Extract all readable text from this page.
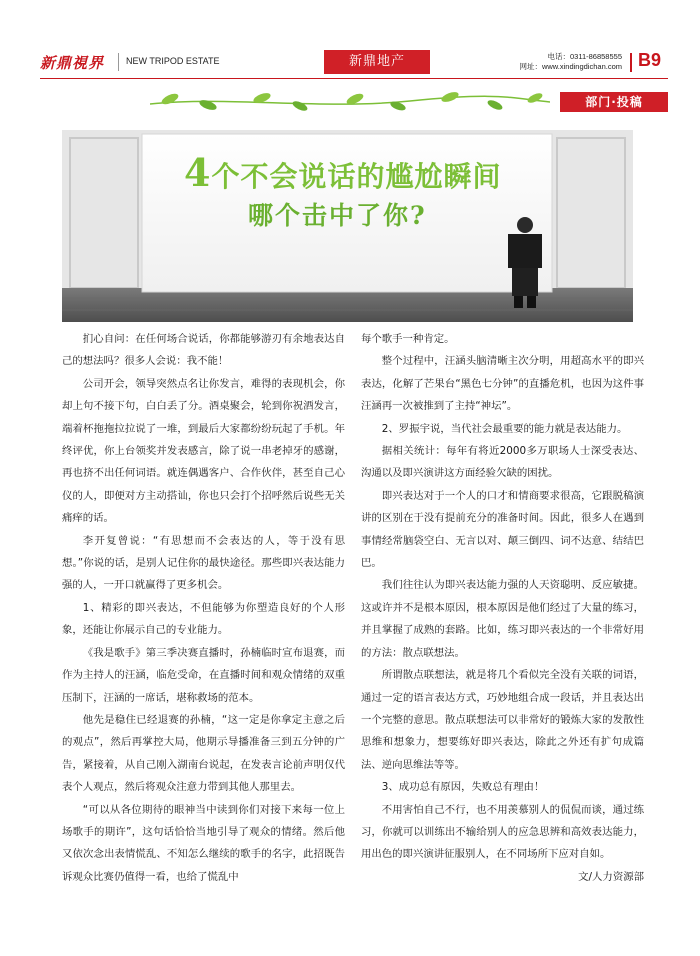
新鼎視界 NEW TRIPOD ESTATE	新鼎地产	电话：0311-86858555
网址：www.xindingdichan.com B9
部门·投稿
4个不会说话的尴尬瞬间
哪个击中了你?

扪心自问：在任何场合说话，你都能够游刃有余地表达自己的想法吗？很多人会说：我不能！

公司开会，领导突然点名让你发言，难得的表现机会，你却上句不接下句，白白丢了分。酒桌聚会，轮到你祝酒发言，端着杯拖拖拉拉说了一堆，到最后大家都纷纷玩起了手机。年终评优，你上台领奖并发表感言，除了说一串老掉牙的感谢，再也挤不出任何词语。就连偶遇客户、合作伙伴，甚至自己心仪的人，即便对方主动搭讪，你也只会打个招呼然后说些无关痛痒的话。

李开复曾说：“有思想而不会表达的人，等于没有思想。”你说的话，是别人记住你的最快途径。那些即兴表达能力强的人，一开口就赢得了更多机会。

1、精彩的即兴表达，不但能够为你塑造良好的个人形象，还能让你展示自己的专业能力。

《我是歌手》第三季决赛直播时，孙楠临时宣布退赛，而作为主持人的汪涵，临危受命，在直播时间和观众情绪的双重压制下，汪涵的一席话，堪称救场的范本。

他先是稳住已经退赛的孙楠，“这一定是你拿定主意之后的观点”，然后再掌控大局，他期示导播准备三到五分钟的广告，紧接着，从自己刚入湖南台说起，在发表言论前声明仅代表个人观点，然后将观众注意力带到其他人那里去。

“可以从各位期待的眼神当中读到你们对接下来每一位上场歌手的期许”，这句话恰恰当地引导了观众的情绪。然后他又依次念出表情慌乱、不知怎么继续的歌手的名字，此招既告诉观众比赛仍值得一看，也给了慌乱中

每个歌手一种肯定。

整个过程中，汪涵头脑清晰主次分明，用超高水平的即兴表达，化解了芒果台“黑色七分钟”的直播危机，也因为这件事汪涵再一次被推到了主持“神坛”。

2、罗振宇说，当代社会最重要的能力就是表达能力。

据相关统计：每年有将近2000多万职场人士深受表达、沟通以及即兴演讲这方面经验欠缺的困扰。

即兴表达对于一个人的口才和情商要求很高，它跟脱稿演讲的区别在于没有提前充分的准备时间。因此，很多人在遇到事情经常脑袋空白、无言以对、颠三倒四、词不达意、结结巴巴。

我们往往认为即兴表达能力强的人天资聪明、反应敏捷。这或许并不是根本原因，根本原因是他们经过了大量的练习，并且掌握了成熟的套路。比如，练习即兴表达的一个非常好用的方法：散点联想法。

所谓散点联想法，就是将几个看似完全没有关联的词语，通过一定的语言表达方式，巧妙地组合成一段话，并且表达出一个完整的意思。散点联想法可以非常好的锻炼大家的发散性思维和想象力，想要练好即兴表达，除此之外还有扩句成篇法、逆向思维法等等。

3、成功总有原因，失败总有理由！

不用害怕自己不行，也不用羡慕别人的侃侃而谈，通过练习，你就可以训练出不输给别人的应急思辨和高效表达能力，用出色的即兴演讲征服别人，在不同场所下应对自如。

文/人力资源部
